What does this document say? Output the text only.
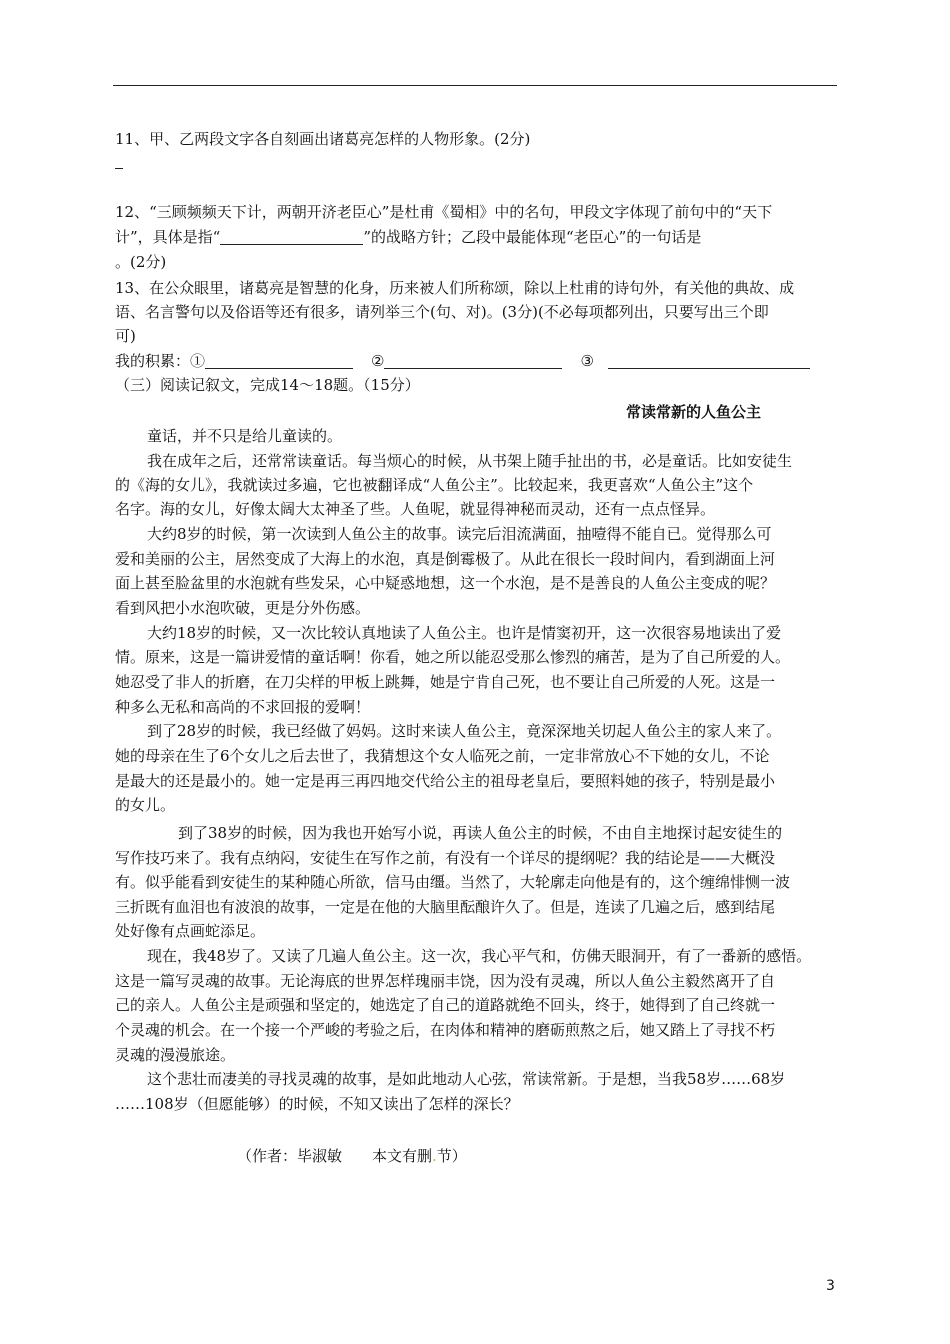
11、甲、乙两段文字各自刻画出诸葛亮怎样的人物形象。(2分)
12、“三顾频频天下计，两朝开济老臣心”是杜甫《蜀相》中的名句，甲段文字体现了前句中的“天下
计”，具体是指“	”的战略方针；乙段中最能体现“老臣心”的一句话是
。(2分)
13、在公众眼里，诸葛亮是智慧的化身，历来被人们所称颂，除以上杜甫的诗句外，有关他的典故、成
语、名言警句以及俗语等还有很多，请列举三个(句、对)。(3分)(不必每项都列出，只要写出三个即
可)
我的积累：①	②	③
（三）阅读记叙文，完成14～18题。（15分）
常读常新的人鱼公主
童话，并不只是给儿童读的。
我在成年之后，还常常读童话。每当烦心的时候，从书架上随手扯出的书，必是童话。比如安徒生
的《海的女儿》，我就读过多遍，它也被翻译成“人鱼公主”。比较起来，我更喜欢“人鱼公主”这个
名字。海的女儿，好像太阔大太神圣了些。人鱼呢，就显得神秘而灵动，还有一点点怪异。
大约8岁的时候，第一次读到人鱼公主的故事。读完后泪流满面，抽噎得不能自已。觉得那么可
爱和美丽的公主，居然变成了大海上的水泡，真是倒霉极了。从此在很长一段时间内，看到湖面上河
面上甚至脸盆里的水泡就有些发呆，心中疑惑地想，这一个水泡，是不是善良的人鱼公主变成的呢？
看到风把小水泡吹破，更是分外伤感。
大约18岁的时候，又一次比较认真地读了人鱼公主。也许是情窦初开，这一次很容易地读出了爱
情。原来，这是一篇讲爱情的童话啊！你看，她之所以能忍受那么惨烈的痛苦，是为了自己所爱的人。
她忍受了非人的折磨，在刀尖样的甲板上跳舞，她是宁肯自己死，也不要让自己所爱的人死。这是一
种多么无私和高尚的不求回报的爱啊！
到了28岁的时候，我已经做了妈妈。这时来读人鱼公主，竟深深地关切起人鱼公主的家人来了。
她的母亲在生了6个女儿之后去世了，我猜想这个女人临死之前，一定非常放心不下她的女儿，不论
是最大的还是最小的。她一定是再三再四地交代给公主的祖母老皇后，要照料她的孩子，特别是最小
的女儿。
到了38岁的时候，因为我也开始写小说，再读人鱼公主的时候，不由自主地探讨起安徒生的
写作技巧来了。我有点纳闷，安徒生在写作之前，有没有一个详尽的提纲呢？我的结论是——大概没
有。似乎能看到安徒生的某种随心所欲，信马由缰。当然了，大轮廓走向他是有的，这个缠绵悱恻一波
三折既有血泪也有波浪的故事，一定是在他的大脑里酝酿许久了。但是，连读了几遍之后，感到结尾
处好像有点画蛇添足。
现在，我48岁了。又读了几遍人鱼公主。这一次，我心平气和，仿佛天眼洞开，有了一番新的感悟。
这是一篇写灵魂的故事。无论海底的世界怎样瑰丽丰饶，因为没有灵魂，所以人鱼公主毅然离开了自
己的亲人。人鱼公主是顽强和坚定的，她选定了自己的道路就绝不回头，终于，她得到了自己终就一
个灵魂的机会。在一个接一个严峻的考验之后，在肉体和精神的磨砺煎熬之后，她又踏上了寻找不朽
灵魂的漫漫旅途。
这个悲壮而凄美的寻找灵魂的故事，是如此地动人心弦，常读常新。于是想，当我58岁……68岁
……108岁（但愿能够）的时候，不知又读出了怎样的深长？
（作者：毕淑敏　　本文有删.节）
3
